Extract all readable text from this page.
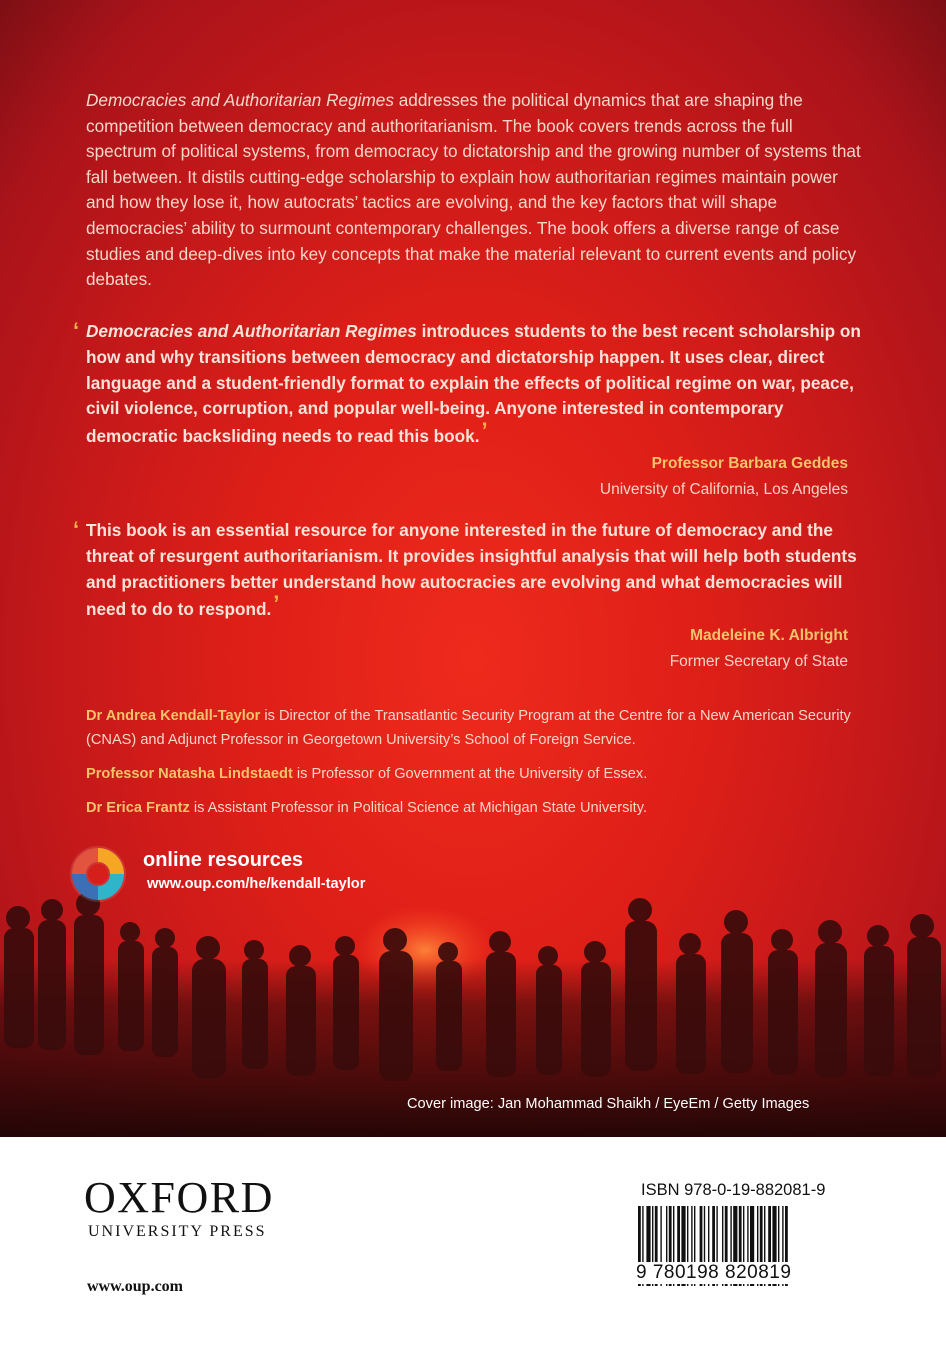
Democracies and Authoritarian Regimes addresses the political dynamics that are shaping the competition between democracy and authoritarianism. The book covers trends across the full spectrum of political systems, from democracy to dictatorship and the growing number of systems that fall between. It distils cutting-edge scholarship to explain how authoritarian regimes maintain power and how they lose it, how autocrats’ tactics are evolving, and the key factors that will shape democracies’ ability to surmount contemporary challenges. The book offers a diverse range of case studies and deep-dives into key concepts that make the material relevant to current events and policy debates.

‘ Democracies and Authoritarian Regimes introduces students to the best recent scholarship on how and why transitions between democracy and dictatorship happen. It uses clear, direct language and a student-friendly format to explain the effects of political regime on war, peace, civil violence, corruption, and popular well-being. Anyone interested in contemporary democratic backsliding needs to read this book.’

Professor Barbara Geddes
University of California, Los Angeles
‘ This book is an essential resource for anyone interested in the future of democracy and the threat of resurgent authoritarianism. It provides insightful analysis that will help both students and practitioners better understand how autocracies are evolving and what democracies will need to do to respond.’

Madeleine K. Albright
Former Secretary of State

Dr Andrea Kendall-Taylor is Director of the Transatlantic Security Program at the Centre for a New American Security (CNAS) and Adjunct Professor in Georgetown University’s School of Foreign Service.

Professor Natasha Lindstaedt is Professor of Government at the University of Essex.

Dr Erica Frantz is Assistant Professor in Political Science at Michigan State University.

online resources
www.oup.com/he/kendall-taylor
Cover image: Jan Mohammad Shaikh / EyeEm / Getty Images
OXFORD
UNIVERSITY PRESS
www.oup.com
ISBN 978-0-19-882081-9
9 780198 820819
